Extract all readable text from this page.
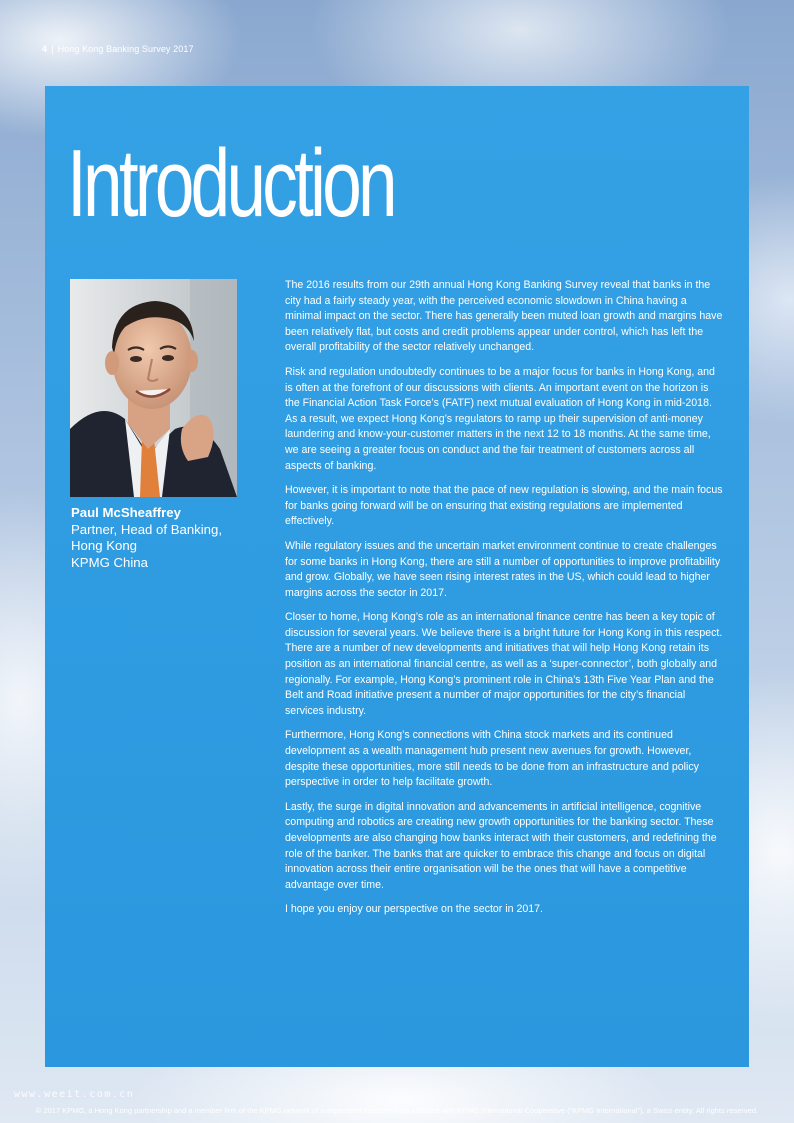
4 | Hong Kong Banking Survey 2017
Introduction
Paul McSheaffrey
Partner, Head of Banking,
Hong Kong
KPMG China

The 2016 results from our 29th annual Hong Kong Banking Survey reveal that banks in the city had a fairly steady year, with the perceived economic slowdown in China having a minimal impact on the sector. There has generally been muted loan growth and margins have been relatively flat, but costs and credit problems appear under control, which has left the overall profitability of the sector relatively unchanged.

Risk and regulation undoubtedly continues to be a major focus for banks in Hong Kong, and is often at the forefront of our discussions with clients. An important event on the horizon is the Financial Action Task Force’s (FATF) next mutual evaluation of Hong Kong in mid-2018. As a result, we expect Hong Kong’s regulators to ramp up their supervision of anti-money laundering and know-your-customer matters in the next 12 to 18 months. At the same time, we are seeing a greater focus on conduct and the fair treatment of customers across all aspects of banking.

However, it is important to note that the pace of new regulation is slowing, and the main focus for banks going forward will be on ensuring that existing regulations are implemented effectively.

While regulatory issues and the uncertain market environment continue to create challenges for some banks in Hong Kong, there are still a number of opportunities to improve profitability and grow. Globally, we have seen rising interest rates in the US, which could lead to higher margins across the sector in 2017.

Closer to home, Hong Kong’s role as an international finance centre has been a key topic of discussion for several years. We believe there is a bright future for Hong Kong in this respect. There are a number of new developments and initiatives that will help Hong Kong retain its position as an international financial centre, as well as a ‘super-connector’, both globally and regionally. For example, Hong Kong’s prominent role in China’s 13th Five Year Plan and the Belt and Road initiative present a number of major opportunities for the city’s financial services industry.

Furthermore, Hong Kong’s connections with China stock markets and its continued development as a wealth management hub present new avenues for growth. However, despite these opportunities, more still needs to be done from an infrastructure and policy perspective in order to help facilitate growth.

Lastly, the surge in digital innovation and advancements in artificial intelligence, cognitive computing and robotics are creating new growth opportunities for the banking sector. These developments are also changing how banks interact with their customers, and redefining the role of the banker. The banks that are quicker to embrace this change and focus on digital innovation across their entire organisation will be the ones that will have a competitive advantage over time.

I hope you enjoy our perspective on the sector in 2017.

www.weeit.com.cn
© 2017 KPMG, a Hong Kong partnership and a member firm of the KPMG network of independent member firms affiliated with KPMG International Cooperative (“KPMG International”), a Swiss entity. All rights reserved.
